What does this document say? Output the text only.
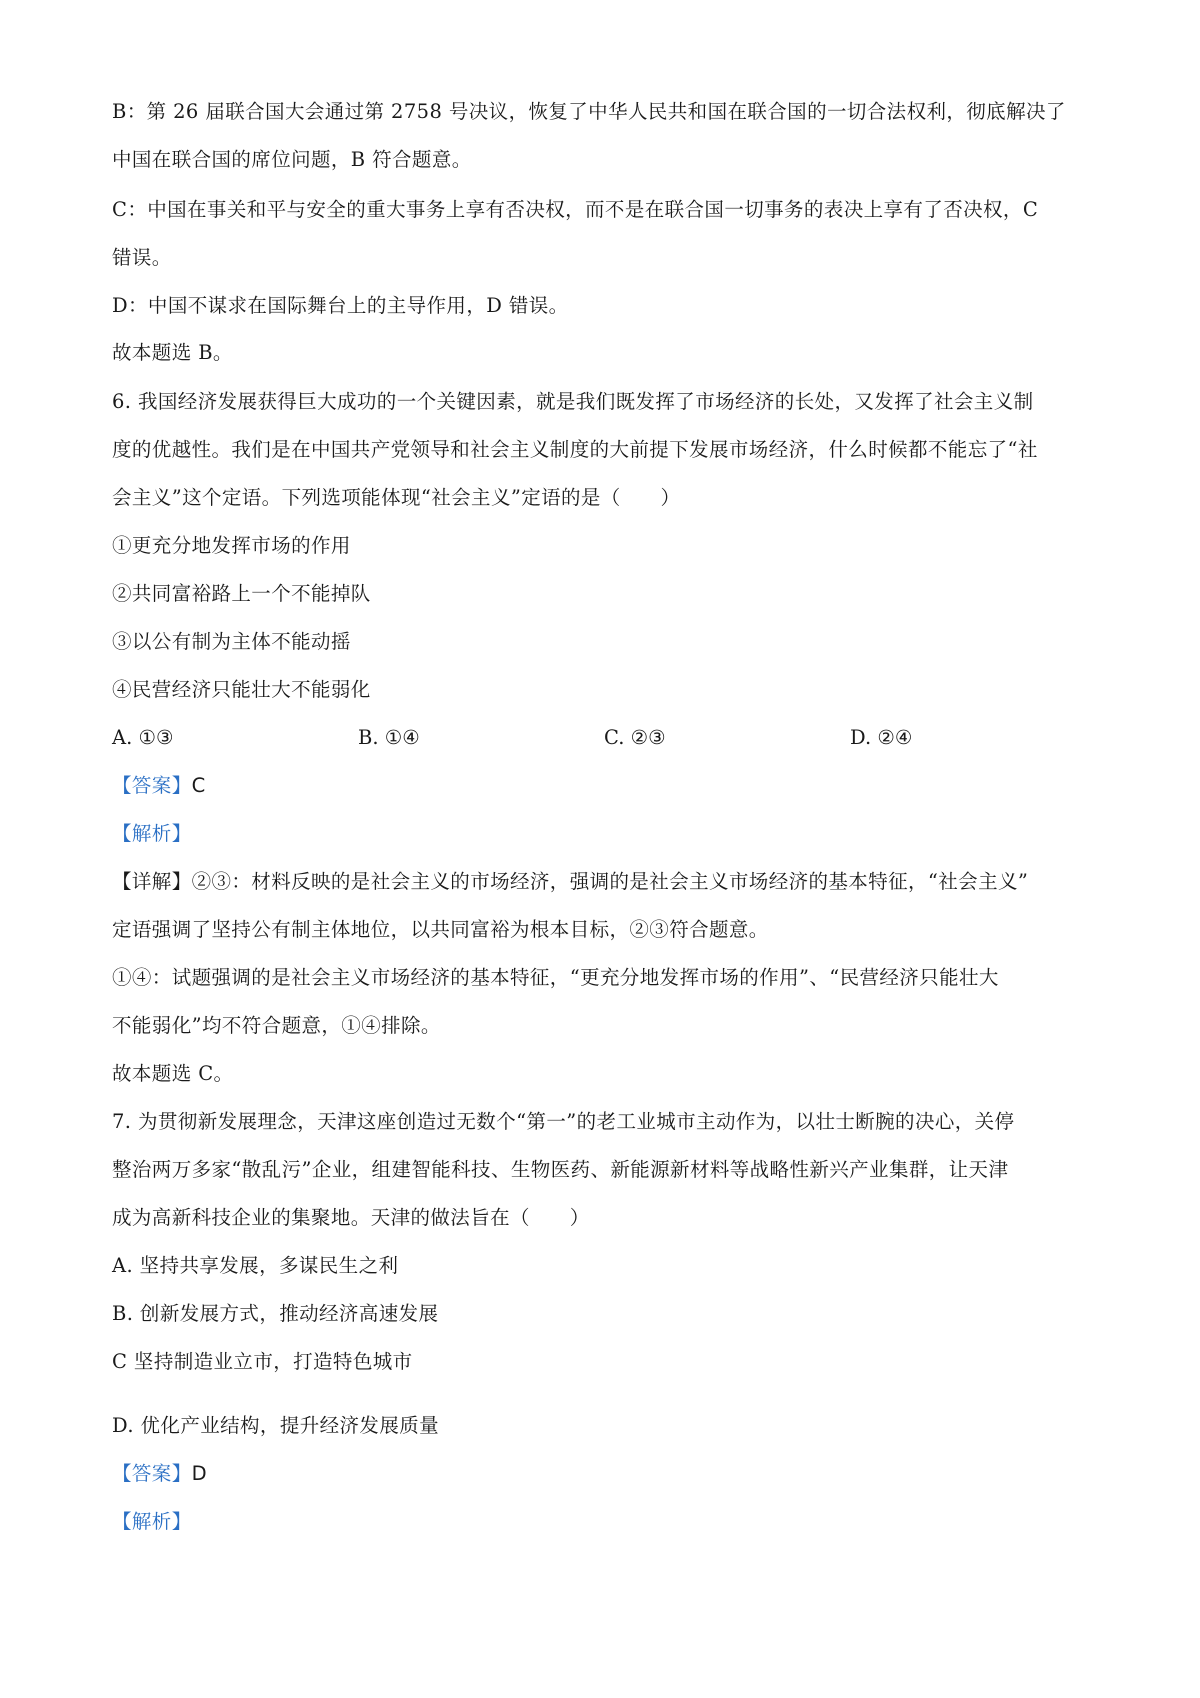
B：第 26 届联合国大会通过第 2758 号决议，恢复了中华人民共和国在联合国的一切合法权利，彻底解决了
中国在联合国的席位问题，B 符合题意。
C：中国在事关和平与安全的重大事务上享有否决权，而不是在联合国一切事务的表决上享有了否决权，C
错误。
D：中国不谋求在国际舞台上的主导作用，D 错误。
故本题选 B。
6. 我国经济发展获得巨大成功的一个关键因素，就是我们既发挥了市场经济的长处，又发挥了社会主义制
度的优越性。我们是在中国共产党领导和社会主义制度的大前提下发展市场经济，什么时候都不能忘了“社
会主义”这个定语。下列选项能体现“社会主义”定语的是（　　）
①更充分地发挥市场的作用
②共同富裕路上一个不能掉队
③以公有制为主体不能动摇
④民营经济只能壮大不能弱化
A. ①③	B. ①④	C. ②③	D. ②④
【答案】C
【解析】
【详解】②③：材料反映的是社会主义的市场经济，强调的是社会主义市场经济的基本特征，“社会主义”
定语强调了坚持公有制主体地位，以共同富裕为根本目标，②③符合题意。
①④：试题强调的是社会主义市场经济的基本特征，“更充分地发挥市场的作用”、“民营经济只能壮大
不能弱化”均不符合题意，①④排除。
故本题选 C。
7. 为贯彻新发展理念，天津这座创造过无数个“第一”的老工业城市主动作为，以壮士断腕的决心，关停
整治两万多家“散乱污”企业，组建智能科技、生物医药、新能源新材料等战略性新兴产业集群，让天津
成为高新科技企业的集聚地。天津的做法旨在（　　）
A. 坚持共享发展，多谋民生之利
B. 创新发展方式，推动经济高速发展
C 坚持制造业立市，打造特色城市
D. 优化产业结构，提升经济发展质量
【答案】D
【解析】
